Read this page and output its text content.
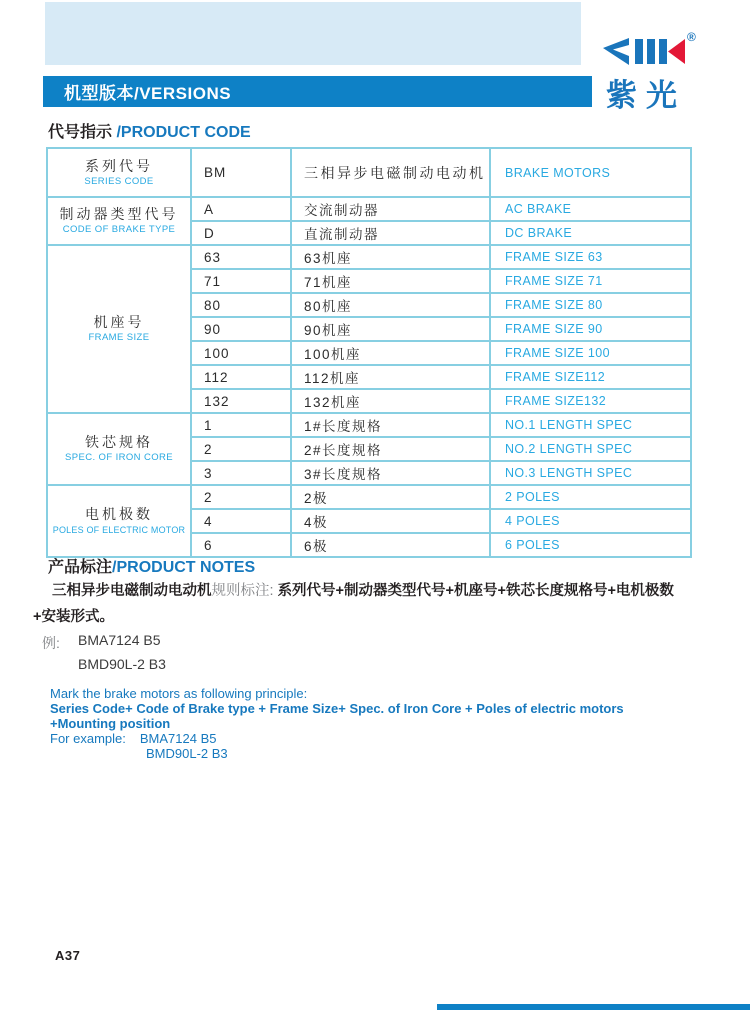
机型版本/VERSIONS
®
紫光
代号指示 /PRODUCT CODE
系列代号
SERIES CODE	BM	三相异步电磁制动电动机	BRAKE MOTORS

制动器类型代号
CODE OF BRAKE TYPE	A	交流制动器	AC BRAKE
	D	直流制动器	DC BRAKE

机座号
FRAME SIZE	63	63机座	FRAME SIZE 63
	71	71机座	FRAME SIZE 71
	80	80机座	FRAME SIZE 80
	90	90机座	FRAME SIZE 90
	100	100机座	FRAME SIZE 100
	112	112机座	FRAME SIZE112
	132	132机座	FRAME SIZE132

铁芯规格
SPEC. OF IRON CORE	1	1#长度规格	NO.1 LENGTH SPEC
	2	2#长度规格	NO.2 LENGTH SPEC
	3	3#长度规格	NO.3 LENGTH SPEC

电机极数
POLES OF ELECTRIC MOTOR	2	2极	2 POLES
	4	4极	4 POLES
	6	6极	6 POLES
产品标注/PRODUCT NOTES

三相异步电磁制动电动机规则标注: 系列代号+制动器类型代号+机座号+铁芯长度规格号+电机极数
+安装形式。

例: BMA7124 B5
BMD90L-2 B3
Mark the brake motors as following principle:
Series Code+ Code of Brake type + Frame Size+ Spec. of Iron Core + Poles of electric motors
+Mounting position
For example: BMA7124 B5
BMD90L-2 B3
A37
